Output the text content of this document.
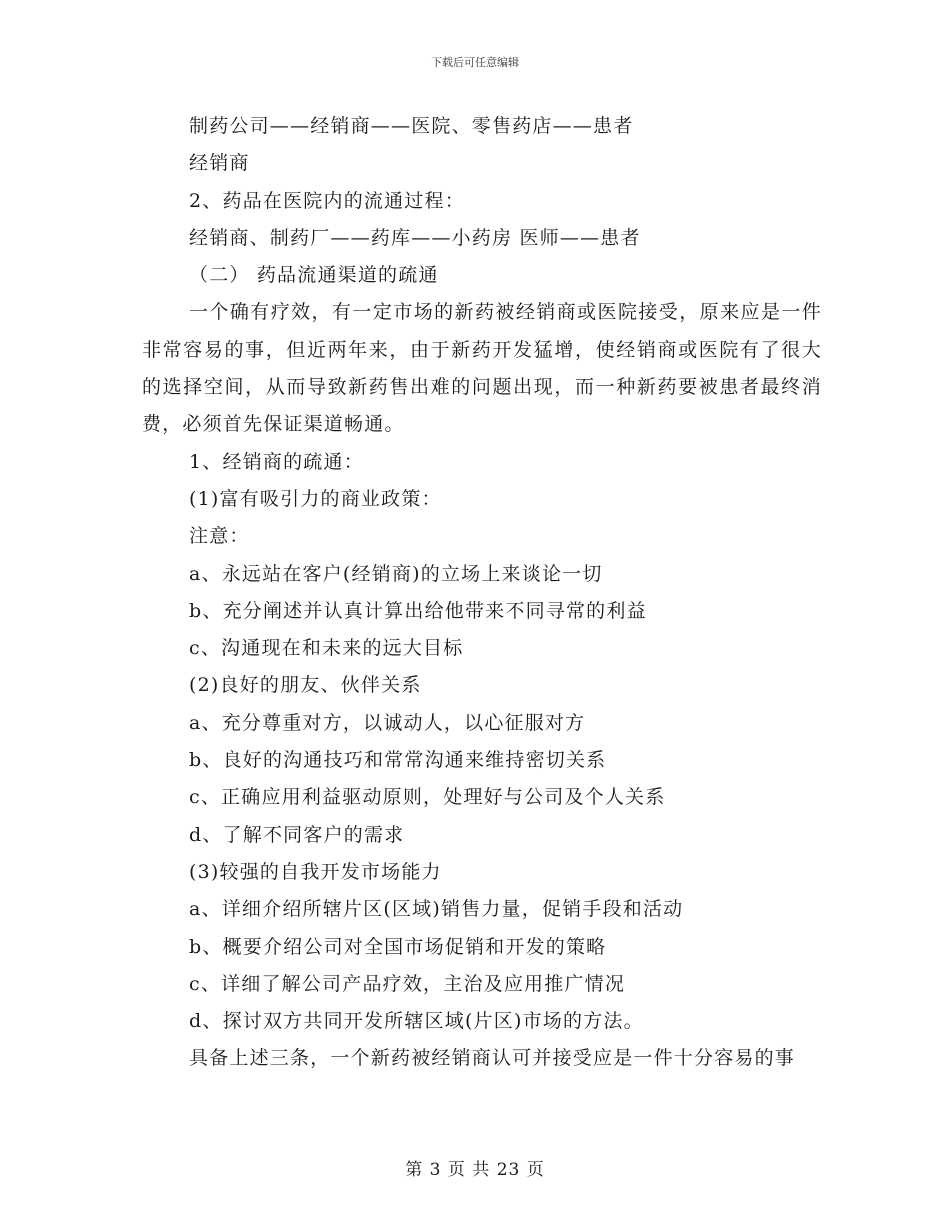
下载后可任意编辑
制药公司——经销商——医院、零售药店——患者
经销商
2、药品在医院内的流通过程：
经销商、制药厂——药库——小药房 医师——患者
（二） 药品流通渠道的疏通
一个确有疗效，有一定市场的新药被经销商或医院接受，原来应是一件非常容易的事，但近两年来，由于新药开发猛增，使经销商或医院有了很大的选择空间，从而导致新药售出难的问题出现，而一种新药要被患者最终消费，必须首先保证渠道畅通。
1、经销商的疏通：
(1)富有吸引力的商业政策：
注意：
a、永远站在客户(经销商)的立场上来谈论一切
b、充分阐述并认真计算出给他带来不同寻常的利益
c、沟通现在和未来的远大目标
(2)良好的朋友、伙伴关系
a、充分尊重对方，以诚动人，以心征服对方
b、良好的沟通技巧和常常沟通来维持密切关系
c、正确应用利益驱动原则，处理好与公司及个人关系
d、了解不同客户的需求
(3)较强的自我开发市场能力
a、详细介绍所辖片区(区域)销售力量，促销手段和活动
b、概要介绍公司对全国市场促销和开发的策略
c、详细了解公司产品疗效，主治及应用推广情况
d、探讨双方共同开发所辖区域(片区)市场的方法。
具备上述三条，一个新药被经销商认可并接受应是一件十分容易的事
第 3 页 共 23 页
